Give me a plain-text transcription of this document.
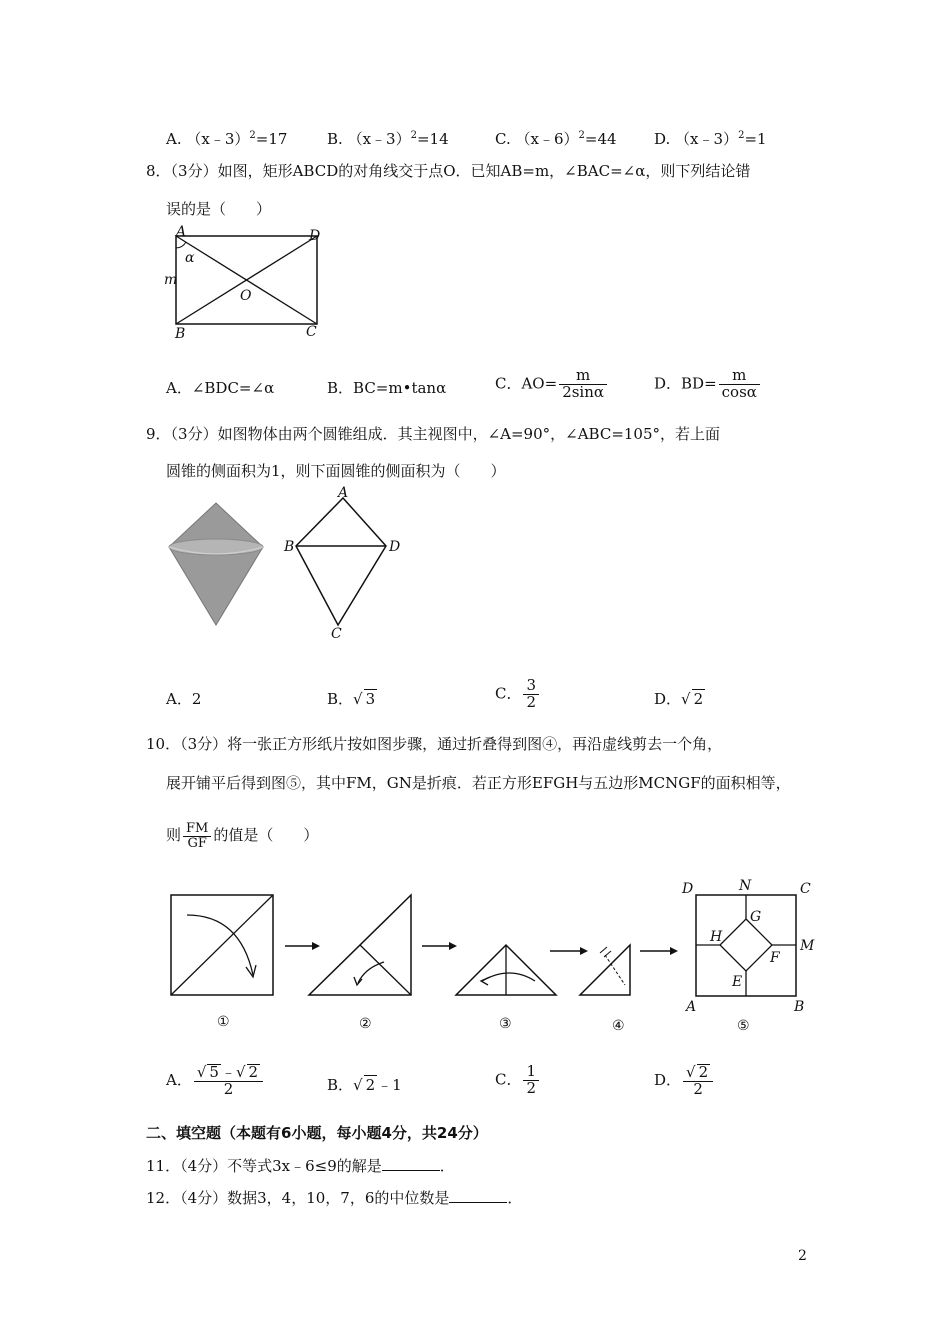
A. （x﹣3）$^2$=17	B. （x﹣3）$^2$=14	C. （x﹣6）$^2$=44 D. （x﹣3）$^2$=1
8．（3分）如图，矩形ABCD的对角线交于点O．已知AB=m，∠BAC=∠α，则下列结论错
误的是（　　）
A	D
B	C
O
m
α
A．∠BDC=∠α	B．BC=m•tanα	C．$AO= \frac{m}{2\sin\alpha}$	D．$BD= \frac{m}{\cos\alpha}$
9．（3分）如图物体由两个圆锥组成．其主视图中，∠A=90°，∠ABC=105°，若上面
圆锥的侧面积为1，则下面圆锥的侧面积为（　　）
A
B	D
C
A．2	B．√ 3	C． $\frac{3}{2}$	D．√ 2
10．（3分）将一张正方形纸片按如图步骤，通过折叠得到图④，再沿虚线剪去一个角，
展开铺平后得到图⑤，其中FM，GN是折痕．若正方形EFGH与五边形MCNGF的面积相等，
则 $\frac{FM}{GF}$ 的值是（　　）
D	N	C
G
H
M
F
E
A	B
①	②	③	④	⑤
A． $\frac{√ 5 ﹣√ 2}{2}$	B．√ 2 ﹣1	C． $\frac{1}{2}$	D． $\frac{√ 2}{2}$
二、填空题（本题有6小题，每小题4分，共24分）
11．（4分）不等式3x﹣6≤9的解是	．
12．（4分）数据3，4，10，7，6的中位数是	．
2
